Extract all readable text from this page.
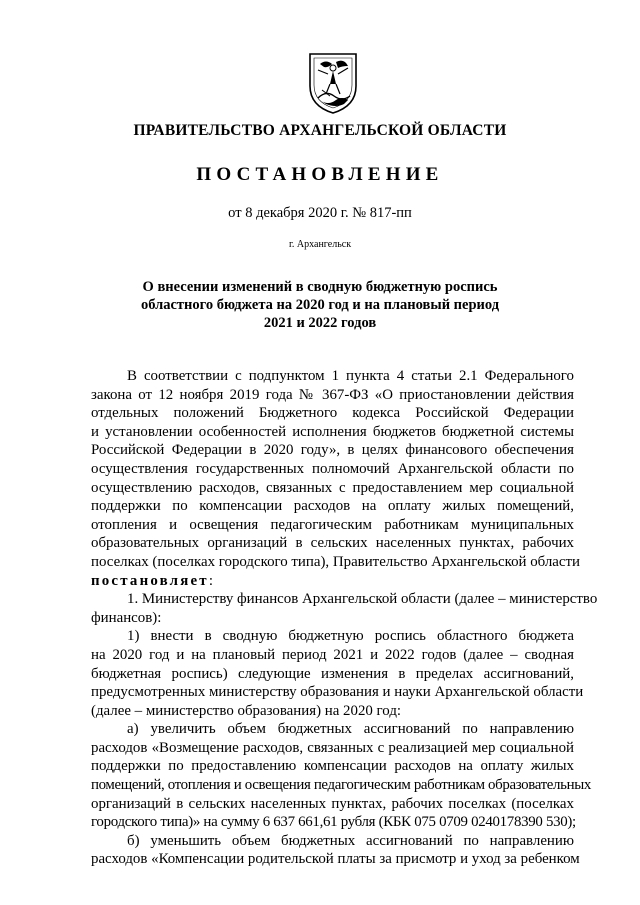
ПРАВИТЕЛЬСТВО АРХАНГЕЛЬСКОЙ ОБЛАСТИ
ПОСТАНОВЛЕНИЕ
от 8 декабря 2020 г. № 817-пп
г. Архангельск
О внесении изменений в сводную бюджетную роспись
областного бюджета на 2020 год и на плановый период
2021 и 2022 годов
В соответствии с подпунктом 1 пункта 4 статьи 2.1 Федерального
закона от 12 ноября 2019 года № 367-ФЗ «О приостановлении действия
отдельных положений Бюджетного кодекса Российской Федерации
и установлении особенностей исполнения бюджетов бюджетной системы
Российской Федерации в 2020 году», в целях финансового обеспечения
осуществления государственных полномочий Архангельской области по
осуществлению расходов, связанных с предоставлением мер социальной
поддержки по компенсации расходов на оплату жилых помещений,
отопления и освещения педагогическим работникам муниципальных
образовательных организаций в сельских населенных пунктах, рабочих
поселках (поселках городского типа), Правительство Архангельской области
постановляет:
1. Министерству финансов Архангельской области (далее – министерство
финансов):
1) внести в сводную бюджетную роспись областного бюджета
на 2020 год и на плановый период 2021 и 2022 годов (далее – сводная
бюджетная роспись) следующие изменения в пределах ассигнований,
предусмотренных министерству образования и науки Архангельской области
(далее – министерство образования) на 2020 год:
а) увеличить объем бюджетных ассигнований по направлению
расходов «Возмещение расходов, связанных с реализацией мер социальной
поддержки по предоставлению компенсации расходов на оплату жилых
помещений, отопления и освещения педагогическим работникам образовательных
организаций в сельских населенных пунктах, рабочих поселках (поселках
городского типа)» на сумму 6 637 661,61 рубля (КБК 075 0709 0240178390 530);
б) уменьшить объем бюджетных ассигнований по направлению
расходов «Компенсации родительской платы за присмотр и уход за ребенком
